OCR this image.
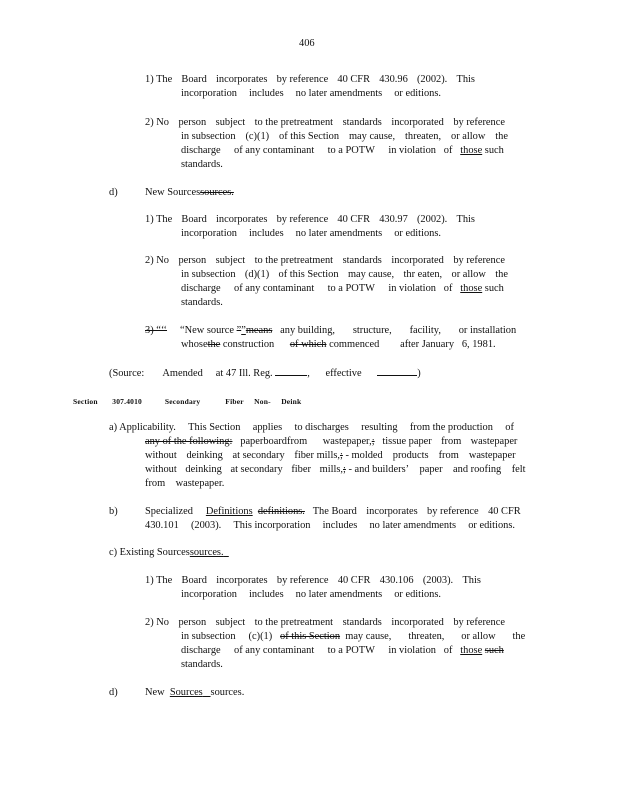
406
1) The Board incorporates by reference 40 CFR 430.96 (2002). This
incorporation includes no later amendments or editions.
2) No person subject to the pretreatment standards incorporated by reference
in subsection (c)(1) of this Section may cause, threaten, or allow the
discharge of any contaminant to a POTW in violation of those such
standards.
d)	New Sourcessources.
1) The Board incorporates by reference 40 CFR 430.97 (2002). This
incorporation includes no later amendments or editions.
2) No person subject to the pretreatment standards incorporated by reference
in subsection (d)(1) of this Section may cause, thr eaten, or allow the
discharge of any contaminant to a POTW in violation of those such
standards.
3) “‘‘ “New source ””means any building, structure, facility, or installation
whosethe construction of which commenced after January 6, 1981.
(Source: Amended at 47 Ill. Reg.	, effective	)
Section 307.4010	Secondary	Fiber Non- Deink
a) Applicability. This Section applies to discharges resulting from the production of
any of the following: paperboardfrom wastepaper,; tissue paper from wastepaper
without deinking at secondary fiber mills, ; - molded products from wastepaper
without deinking at secondary fiber mills, ; - and builders’ paper and roofing felt
from    wastepaper.
b)	Specialized Definitions definitions. The Board incorporates by reference 40 CFR
430.101 (2003). This incorporation includes no later amendments or editions.
c) Existing Sourcessources.
1) The Board incorporates by reference 40 CFR 430.106 (2003). This
incorporation includes no later amendments or editions.
2) No person subject to the pretreatment standards incorporated by reference
in subsection (c)(1) of this Section may cause, threaten, or allow the
discharge of any contaminant to a POTW in violation of those such
standards.
d)	New Sources sources.
